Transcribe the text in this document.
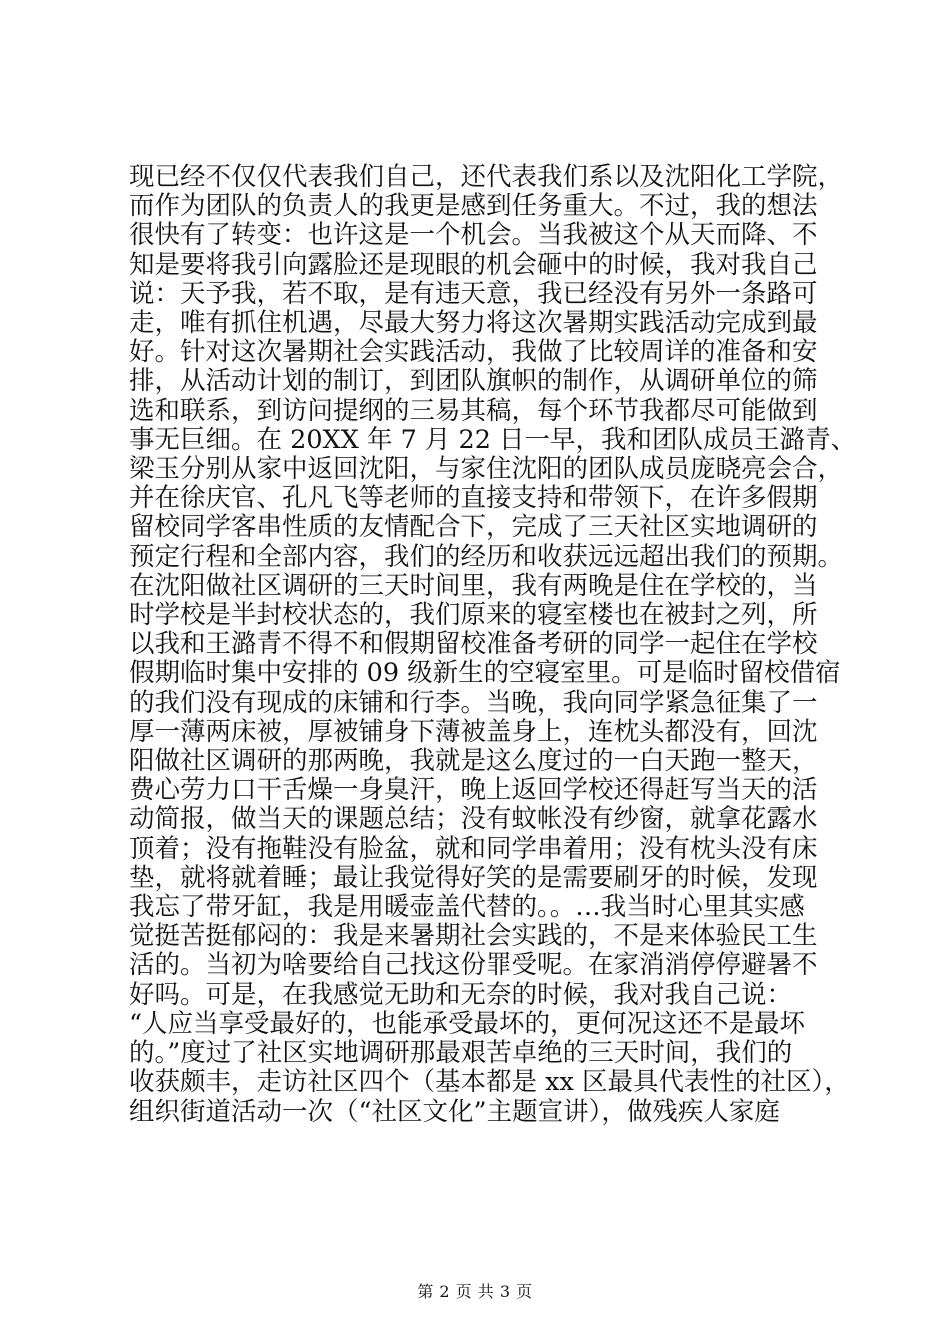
现已经不仅仅代表我们自己，还代表我们系以及沈阳化工学院，
而作为团队的负责人的我更是感到任务重大。不过，我的想法
很快有了转变：也许这是一个机会。当我被这个从天而降、不
知是要将我引向露脸还是现眼的机会砸中的时候，我对我自己
说：天予我，若不取，是有违天意，我已经没有另外一条路可
走，唯有抓住机遇，尽最大努力将这次暑期实践活动完成到最
好。针对这次暑期社会实践活动，我做了比较周详的准备和安
排，从活动计划的制订，到团队旗帜的制作，从调研单位的筛
选和联系，到访问提纲的三易其稿，每个环节我都尽可能做到
事无巨细。在 20XX 年 7 月 22 日一早，我和团队成员王潞青、
梁玉分别从家中返回沈阳，与家住沈阳的团队成员庞晓亮会合，
并在徐庆官、孔凡飞等老师的直接支持和带领下，在许多假期
留校同学客串性质的友情配合下，完成了三天社区实地调研的
预定行程和全部内容，我们的经历和收获远远超出我们的预期。
在沈阳做社区调研的三天时间里，我有两晚是住在学校的，当
时学校是半封校状态的，我们原来的寝室楼也在被封之列，所
以我和王潞青不得不和假期留校准备考研的同学一起住在学校
假期临时集中安排的 09 级新生的空寝室里。可是临时留校借宿
的我们没有现成的床铺和行李。当晚，我向同学紧急征集了一
厚一薄两床被，厚被铺身下薄被盖身上，连枕头都没有，回沈
阳做社区调研的那两晚，我就是这么度过的一白天跑一整天，
费心劳力口干舌燥一身臭汗，晚上返回学校还得赶写当天的活
动简报，做当天的课题总结；没有蚊帐没有纱窗，就拿花露水
顶着；没有拖鞋没有脸盆，就和同学串着用；没有枕头没有床
垫，就将就着睡；最让我觉得好笑的是需要刷牙的时候，发现
我忘了带牙缸，我是用暖壶盖代替的。。…我当时心里其实感
觉挺苦挺郁闷的：我是来暑期社会实践的，不是来体验民工生
活的。当初为啥要给自己找这份罪受呢。在家消消停停避暑不
好吗。可是，在我感觉无助和无奈的时候，我对我自己说：
“人应当享受最好的，也能承受最坏的，更何况这还不是最坏
的。”度过了社区实地调研那最艰苦卓绝的三天时间，我们的
收获颇丰，走访社区四个（基本都是 xx 区最具代表性的社区），
组织街道活动一次（“社区文化”主题宣讲），做残疾人家庭
第 2 页 共 3 页
